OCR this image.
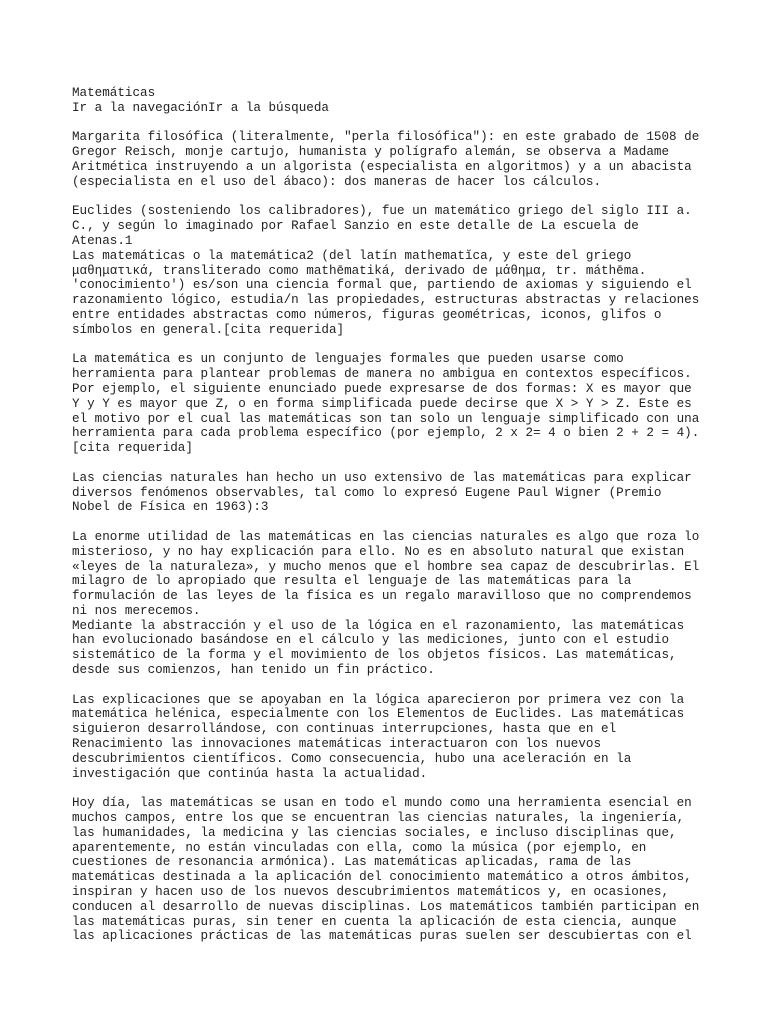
Matemáticas
Ir a la navegaciónIr a la búsqueda
Margarita filosófica (literalmente, "perla filosófica"): en este grabado de 1508 de
Gregor Reisch, monje cartujo, humanista y polígrafo alemán, se observa a Madame
Aritmética instruyendo a un algorista (especialista en algoritmos) y a un abacista
(especialista en el uso del ábaco): dos maneras de hacer los cálculos.
Euclides (sosteniendo los calibradores), fue un matemático griego del siglo III a.
C., y según lo imaginado por Rafael Sanzio en este detalle de La escuela de
Atenas.1
Las matemáticas o la matemática2 (del latín mathematĭca, y este del griego
μαθηματικά, transliterado como mathēmatiká, derivado de μάθημα, tr. máthēma.
'conocimiento') es/son una ciencia formal que, partiendo de axiomas y siguiendo el
razonamiento lógico, estudia/n las propiedades, estructuras abstractas y relaciones
entre entidades abstractas como números, figuras geométricas, iconos, glifos o
símbolos en general.[cita requerida]
La matemática es un conjunto de lenguajes formales que pueden usarse como
herramienta para plantear problemas de manera no ambigua en contextos específicos.
Por ejemplo, el siguiente enunciado puede expresarse de dos formas: X es mayor que
Y y Y es mayor que Z, o en forma simplificada puede decirse que X > Y > Z. Este es
el motivo por el cual las matemáticas son tan solo un lenguaje simplificado con una
herramienta para cada problema específico (por ejemplo, 2 x 2= 4 o bien 2 + 2 = 4).
[cita requerida]
Las ciencias naturales han hecho un uso extensivo de las matemáticas para explicar
diversos fenómenos observables, tal como lo expresó Eugene Paul Wigner (Premio
Nobel de Física en 1963):3
La enorme utilidad de las matemáticas en las ciencias naturales es algo que roza lo
misterioso, y no hay explicación para ello. No es en absoluto natural que existan
«leyes de la naturaleza», y mucho menos que el hombre sea capaz de descubrirlas. El
milagro de lo apropiado que resulta el lenguaje de las matemáticas para la
formulación de las leyes de la física es un regalo maravilloso que no comprendemos
ni nos merecemos.
Mediante la abstracción y el uso de la lógica en el razonamiento, las matemáticas
han evolucionado basándose en el cálculo y las mediciones, junto con el estudio
sistemático de la forma y el movimiento de los objetos físicos. Las matemáticas,
desde sus comienzos, han tenido un fin práctico.
Las explicaciones que se apoyaban en la lógica aparecieron por primera vez con la
matemática helénica, especialmente con los Elementos de Euclides. Las matemáticas
siguieron desarrollándose, con continuas interrupciones, hasta que en el
Renacimiento las innovaciones matemáticas interactuaron con los nuevos
descubrimientos científicos. Como consecuencia, hubo una aceleración en la
investigación que continúa hasta la actualidad.
Hoy día, las matemáticas se usan en todo el mundo como una herramienta esencial en
muchos campos, entre los que se encuentran las ciencias naturales, la ingeniería,
las humanidades, la medicina y las ciencias sociales, e incluso disciplinas que,
aparentemente, no están vinculadas con ella, como la música (por ejemplo, en
cuestiones de resonancia armónica). Las matemáticas aplicadas, rama de las
matemáticas destinada a la aplicación del conocimiento matemático a otros ámbitos,
inspiran y hacen uso de los nuevos descubrimientos matemáticos y, en ocasiones,
conducen al desarrollo de nuevas disciplinas. Los matemáticos también participan en
las matemáticas puras, sin tener en cuenta la aplicación de esta ciencia, aunque
las aplicaciones prácticas de las matemáticas puras suelen ser descubiertas con el
